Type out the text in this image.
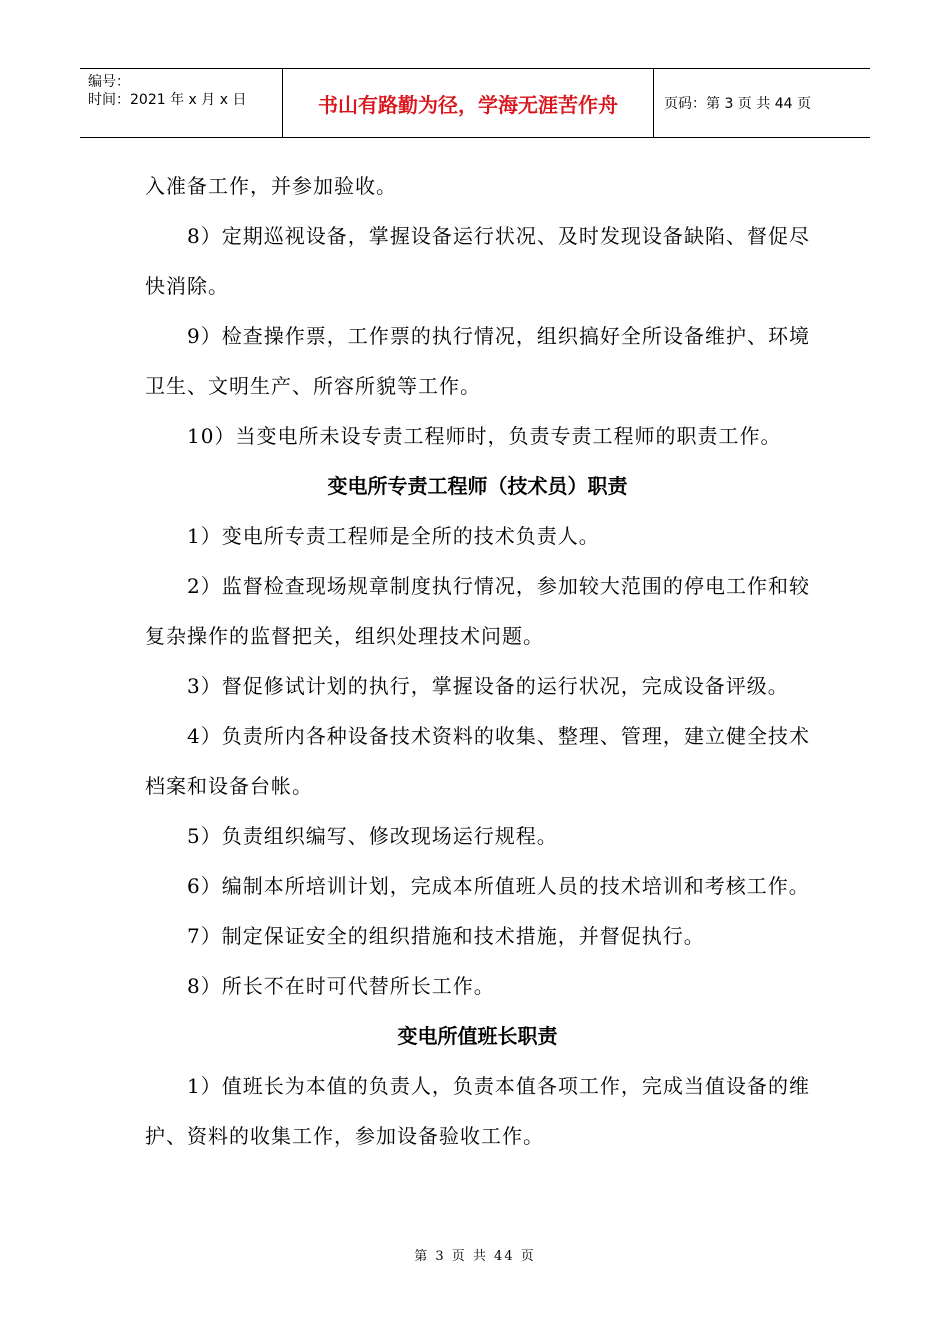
编号：
时间：2021 年 x 月 x 日	书山有路勤为径，学海无涯苦作舟	页码：第 3 页 共 44 页

入准备工作，并参加验收。

8）定期巡视设备，掌握设备运行状况、及时发现设备缺陷、督促尽快消除。

9）检查操作票，工作票的执行情况，组织搞好全所设备维护、环境卫生、文明生产、所容所貌等工作。

10）当变电所未设专责工程师时，负责专责工程师的职责工作。

变电所专责工程师（技术员）职责

1）变电所专责工程师是全所的技术负责人。

2）监督检查现场规章制度执行情况，参加较大范围的停电工作和较复杂操作的监督把关，组织处理技术问题。

3）督促修试计划的执行，掌握设备的运行状况，完成设备评级。

4）负责所内各种设备技术资料的收集、整理、管理，建立健全技术档案和设备台帐。

5）负责组织编写、修改现场运行规程。

6）编制本所培训计划，完成本所值班人员的技术培训和考核工作。

7）制定保证安全的组织措施和技术措施，并督促执行。

8）所长不在时可代替所长工作。

变电所值班长职责

1）值班长为本值的负责人，负责本值各项工作，完成当值设备的维护、资料的收集工作，参加设备验收工作。

第 3 页 共 44 页
